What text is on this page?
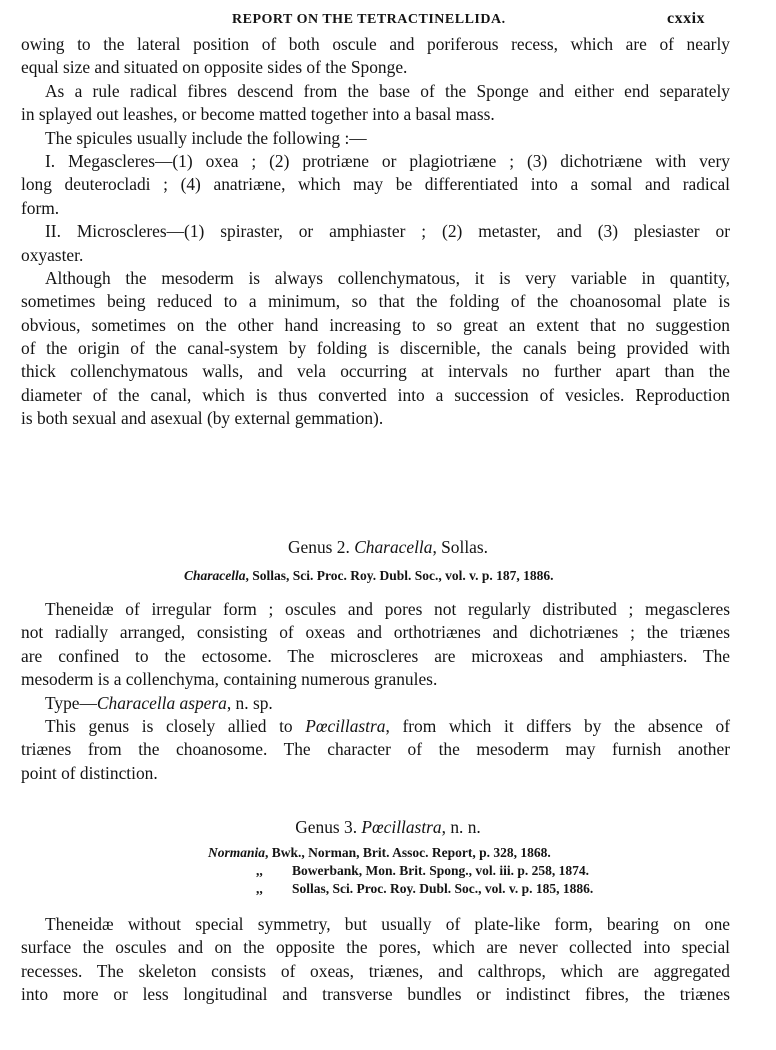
REPORT ON THE TETRACTINELLIDA.	cxxix
owing to the lateral position of both oscule and poriferous recess, which are of nearly
equal size and situated on opposite sides of the Sponge.
As a rule radical fibres descend from the base of the Sponge and either end separately
in splayed out leashes, or become matted together into a basal mass.
The spicules usually include the following :—
I. Megascleres—(1) oxea ; (2) protriæne or plagiotriæne ; (3) dichotriæne with very
long deuterocladi ; (4) anatriæne, which may be differentiated into a somal and radical
form.
II. Microscleres—(1) spiraster, or amphiaster ; (2) metaster, and (3) plesiaster or
oxyaster.
Although the mesoderm is always collenchymatous, it is very variable in quantity,
sometimes being reduced to a minimum, so that the folding of the choanosomal plate is
obvious, sometimes on the other hand increasing to so great an extent that no suggestion
of the origin of the canal-system by folding is discernible, the canals being provided with
thick collenchymatous walls, and vela occurring at intervals no further apart than the
diameter of the canal, which is thus converted into a succession of vesicles. Reproduction
is both sexual and asexual (by external gemmation).
Genus 2. Characella, Sollas.
Characella, Sollas, Sci. Proc. Roy. Dubl. Soc., vol. v. p. 187, 1886.
Theneidæ of irregular form ; oscules and pores not regularly distributed ; megascleres
not radially arranged, consisting of oxeas and orthotriænes and dichotriænes ; the triænes
are confined to the ectosome. The microscleres are microxeas and amphiasters. The
mesoderm is a collenchyma, containing numerous granules.
Type—Characella aspera, n. sp.
This genus is closely allied to Pœcillastra, from which it differs by the absence of
triænes from the choanosome. The character of the mesoderm may furnish another
point of distinction.
Genus 3. Pœcillastra, n. n.
Normania, Bwk., Norman, Brit. Assoc. Report, p. 328, 1868.
,, Bowerbank, Mon. Brit. Spong., vol. iii. p. 258, 1874.
,, Sollas, Sci. Proc. Roy. Dubl. Soc., vol. v. p. 185, 1886.
Theneidæ without special symmetry, but usually of plate-like form, bearing on one
surface the oscules and on the opposite the pores, which are never collected into special
recesses. The skeleton consists of oxeas, triænes, and calthrops, which are aggregated
into more or less longitudinal and transverse bundles or indistinct fibres, the triænes
